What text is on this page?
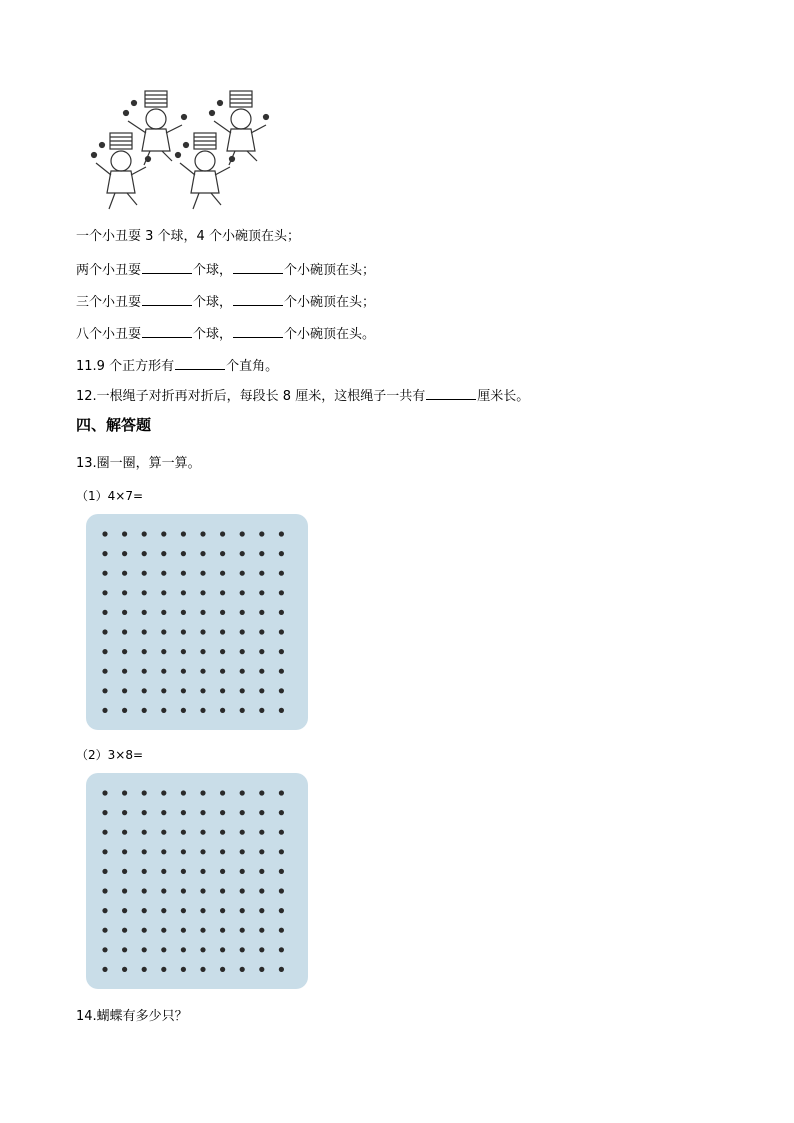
一个小丑耍 3 个球，4 个小碗顶在头；
两个小丑耍	个球，	个小碗顶在头；
三个小丑耍	个球，	个小碗顶在头；
八个小丑耍	个球，	个小碗顶在头。
11.9 个正方形有	个直角。
12.一根绳子对折再对折后，每段长 8 厘米，这根绳子一共有	厘米长。
四、解答题
13.圈一圈，算一算。
（1）4×7=
（2）3×8=
14.蝴蝶有多少只？
